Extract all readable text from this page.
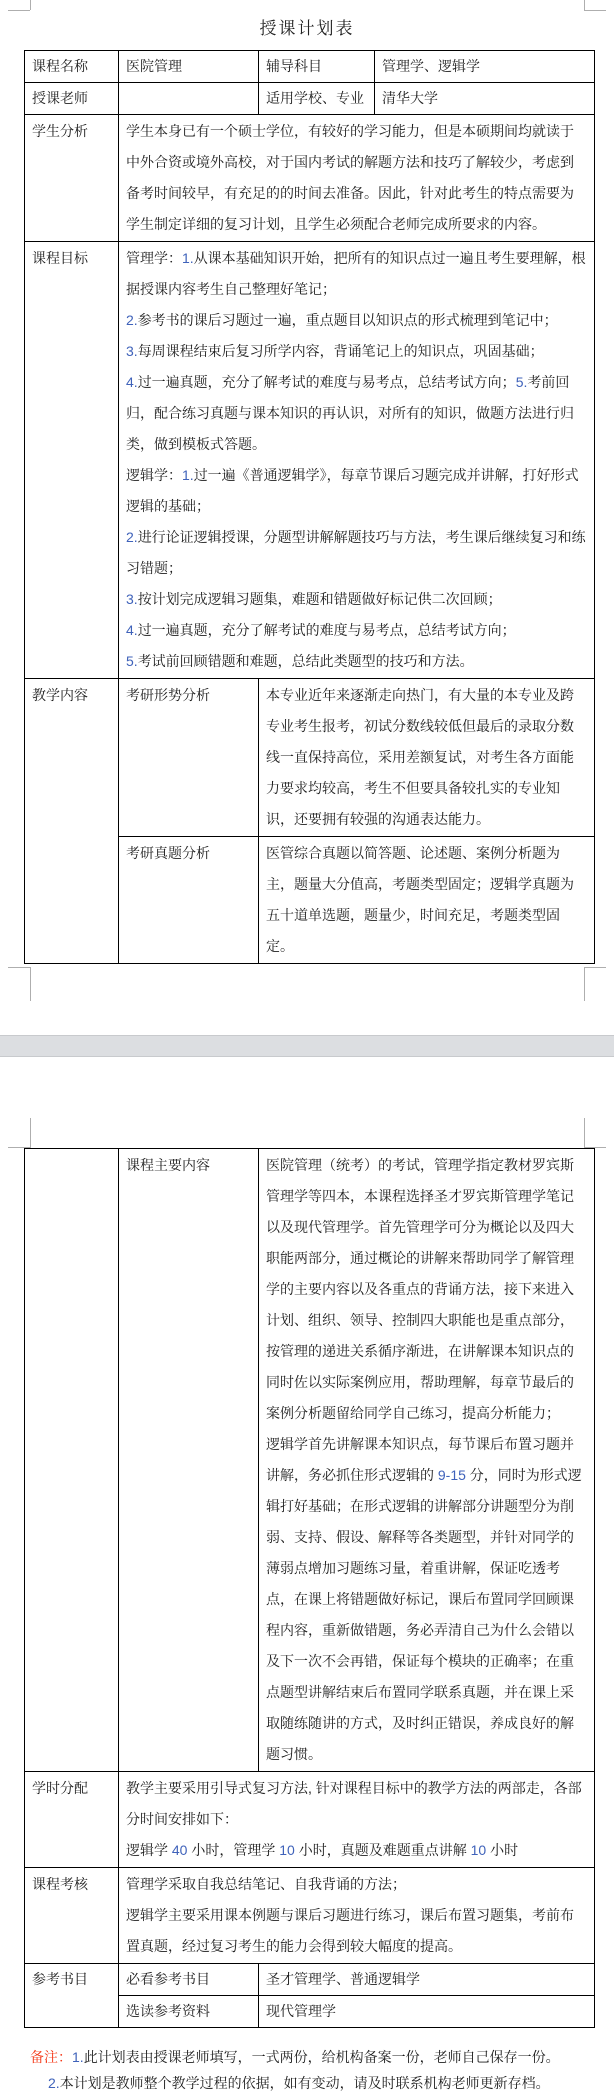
授课计划表
课程名称	医院管理	辅导科目	管理学、逻辑学
授课老师		适用学校、专业	清华大学
学生分析	学生本身已有一个硕士学位，有较好的学习能力，但是本硕期间均就读于中外合资或境外高校，对于国内考试的解题方法和技巧了解较少，考虑到备考时间较早，有充足的的时间去准备。因此，针对此考生的特点需要为学生制定详细的复习计划，且学生必须配合老师完成所要求的内容。		
课程目标	管理学：1.从课本基础知识开始，把所有的知识点过一遍且考生要理解，根据授课内容考生自己整理好笔记；

2.参考书的课后习题过一遍，重点题目以知识点的形式梳理到笔记中；

3.每周课程结束后复习所学内容，背诵笔记上的知识点，巩固基础；

4.过一遍真题，充分了解考试的难度与易考点，总结考试方向；5.考前回归，配合练习真题与课本知识的再认识，对所有的知识，做题方法进行归类，做到模板式答题。

逻辑学：1.过一遍《普通逻辑学》，每章节课后习题完成并讲解，打好形式逻辑的基础；

2.进行论证逻辑授课，分题型讲解解题技巧与方法，考生课后继续复习和练习错题；

3.按计划完成逻辑习题集，难题和错题做好标记供二次回顾；

4.过一遍真题，充分了解考试的难度与易考点，总结考试方向；

5.考试前回顾错题和难题，总结此类题型的技巧和方法。

教学内容	考研形势分析	本专业近年来逐渐走向热门，有大量的本专业及跨专业考生报考，初试分数线较低但最后的录取分数线一直保持高位，采用差额复试，对考生各方面能力要求均较高，考生不但要具备较扎实的专业知识，还要拥有较强的沟通表达能力。	
	考研真题分析	医管综合真题以简答题、论述题、案例分析题为主，题量大分值高，考题类型固定；逻辑学真题为五十道单选题，题量少，时间充足，考题类型固定。	
	课程主要内容	医院管理（统考）的考试，管理学指定教材罗宾斯管理学等四本，本课程选择圣才罗宾斯管理学笔记以及现代管理学。首先管理学可分为概论以及四大职能两部分，通过概论的讲解来帮助同学了解管理学的主要内容以及各重点的背诵方法，接下来进入计划、组织、领导、控制四大职能也是重点部分，按管理的递进关系循序渐进，在讲解课本知识点的同时佐以实际案例应用，帮助理解，每章节最后的案例分析题留给同学自己练习，提高分析能力；

逻辑学首先讲解课本知识点，每节课后布置习题并讲解，务必抓住形式逻辑的 9-15 分，同时为形式逻辑打好基础；在形式逻辑的讲解部分讲题型分为削弱、支持、假设、解释等各类题型，并针对同学的薄弱点增加习题练习量，着重讲解，保证吃透考点，在课上将错题做好标记，课后布置同学回顾课程内容，重新做错题，务必弄清自己为什么会错以及下一次不会再错，保证每个模块的正确率；在重点题型讲解结束后布置同学联系真题，并在课上采取随练随讲的方式，及时纠正错误，养成良好的解题习惯。

学时分配	教学主要采用引导式复习方法, 针对课程目标中的教学方法的两部走，各部分时间安排如下：

逻辑学 40 小时，管理学 10 小时，真题及难题重点讲解 10 小时	

课程考核	管理学采取自我总结笔记、自我背诵的方法；

逻辑学主要采用课本例题与课后习题进行练习，课后布置习题集，考前布置真题，经过复习考生的能力会得到较大幅度的提高。	

参考书目	必看参考书目	圣才管理学、普通逻辑学
	选读参考资料	现代管理学

备注：1.此计划表由授课老师填写，一式两份，给机构备案一份，老师自己保存一份。

2.本计划是教师整个教学过程的依据，如有变动，请及时联系机构老师更新存档。
